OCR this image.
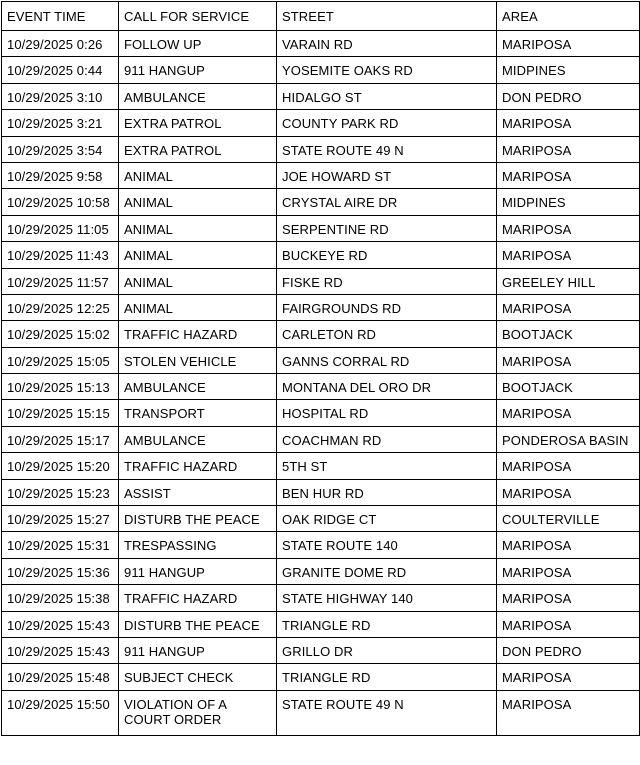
EVENT TIME	CALL FOR SERVICE	STREET	AREA
10/29/2025 0:26	FOLLOW UP	VARAIN RD	MARIPOSA
10/29/2025 0:44	911 HANGUP	YOSEMITE OAKS RD	MIDPINES
10/29/2025 3:10	AMBULANCE	HIDALGO ST	DON PEDRO
10/29/2025 3:21	EXTRA PATROL	COUNTY PARK RD	MARIPOSA
10/29/2025 3:54	EXTRA PATROL	STATE ROUTE 49 N	MARIPOSA
10/29/2025 9:58	ANIMAL	JOE HOWARD ST	MARIPOSA
10/29/2025 10:58	ANIMAL	CRYSTAL AIRE DR	MIDPINES
10/29/2025 11:05	ANIMAL	SERPENTINE RD	MARIPOSA
10/29/2025 11:43	ANIMAL	BUCKEYE RD	MARIPOSA
10/29/2025 11:57	ANIMAL	FISKE RD	GREELEY HILL
10/29/2025 12:25	ANIMAL	FAIRGROUNDS RD	MARIPOSA
10/29/2025 15:02	TRAFFIC HAZARD	CARLETON RD	BOOTJACK
10/29/2025 15:05	STOLEN VEHICLE	GANNS CORRAL RD	MARIPOSA
10/29/2025 15:13	AMBULANCE	MONTANA DEL ORO DR	BOOTJACK
10/29/2025 15:15	TRANSPORT	HOSPITAL RD	MARIPOSA
10/29/2025 15:17	AMBULANCE	COACHMAN RD	PONDEROSA BASIN
10/29/2025 15:20	TRAFFIC HAZARD	5TH ST	MARIPOSA
10/29/2025 15:23	ASSIST	BEN HUR RD	MARIPOSA
10/29/2025 15:27	DISTURB THE PEACE	OAK RIDGE CT	COULTERVILLE
10/29/2025 15:31	TRESPASSING	STATE ROUTE 140	MARIPOSA
10/29/2025 15:36	911 HANGUP	GRANITE DOME RD	MARIPOSA
10/29/2025 15:38	TRAFFIC HAZARD	STATE HIGHWAY 140	MARIPOSA
10/29/2025 15:43	DISTURB THE PEACE	TRIANGLE RD	MARIPOSA
10/29/2025 15:43	911 HANGUP	GRILLO DR	DON PEDRO
10/29/2025 15:48	SUBJECT CHECK	TRIANGLE RD	MARIPOSA
10/29/2025 15:50	VIOLATION OF A COURT ORDER	STATE ROUTE 49 N	MARIPOSA
